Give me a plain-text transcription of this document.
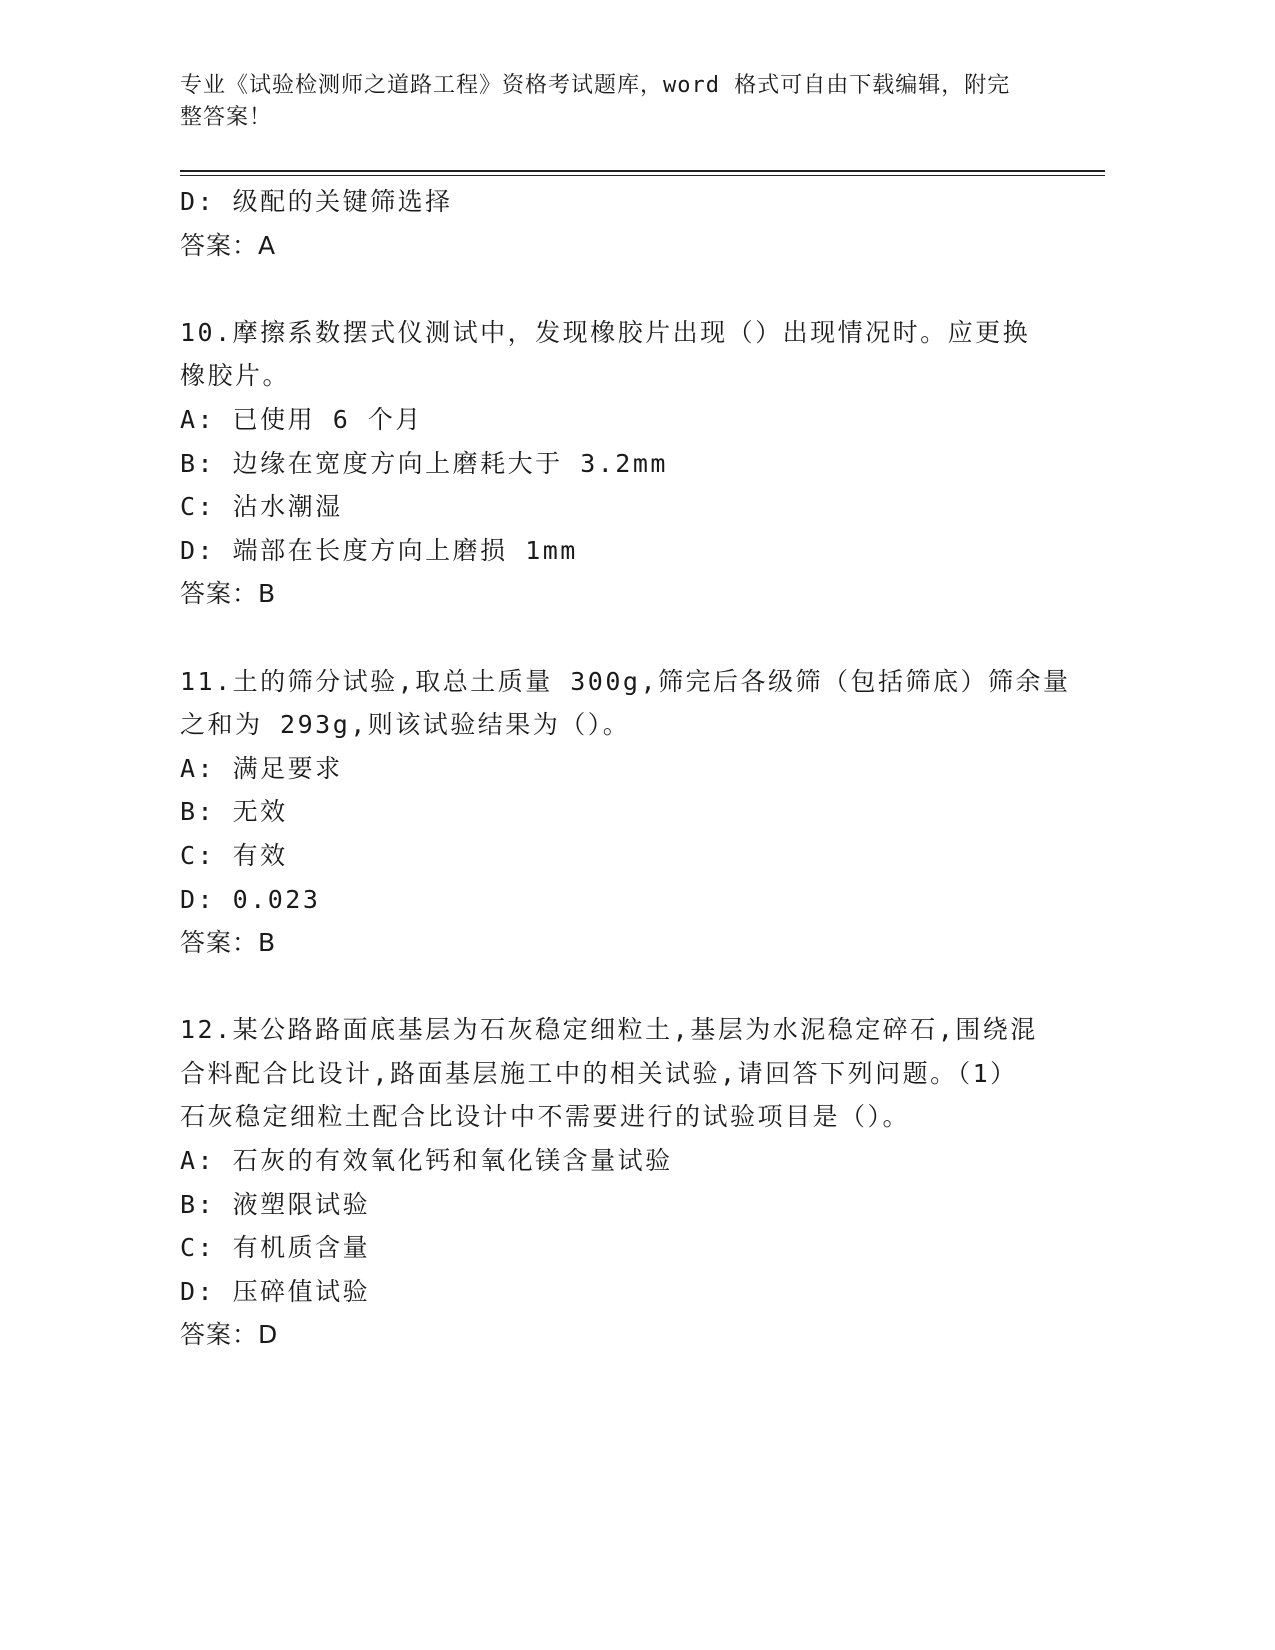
专业《试验检测师之道路工程》资格考试题库，word 格式可自由下载编辑，附完
整答案！
D: 级配的关键筛选择
答案：A
10.摩擦系数摆式仪测试中，发现橡胶片出现（）出现情况时。应更换
橡胶片。
A: 已使用 6 个月
B: 边缘在宽度方向上磨耗大于 3.2mm
C: 沾水潮湿
D: 端部在长度方向上磨损 1mm
答案：B
11.土的筛分试验,取总土质量 300g,筛完后各级筛（包括筛底）筛余量
之和为 293g,则该试验结果为（）。
A: 满足要求
B: 无效
C: 有效
D: 0.023
答案：B
12.某公路路面底基层为石灰稳定细粒土,基层为水泥稳定碎石,围绕混
合料配合比设计,路面基层施工中的相关试验,请回答下列问题。（1）
石灰稳定细粒土配合比设计中不需要进行的试验项目是（）。
A: 石灰的有效氧化钙和氧化镁含量试验
B: 液塑限试验
C: 有机质含量
D: 压碎值试验
答案：D
